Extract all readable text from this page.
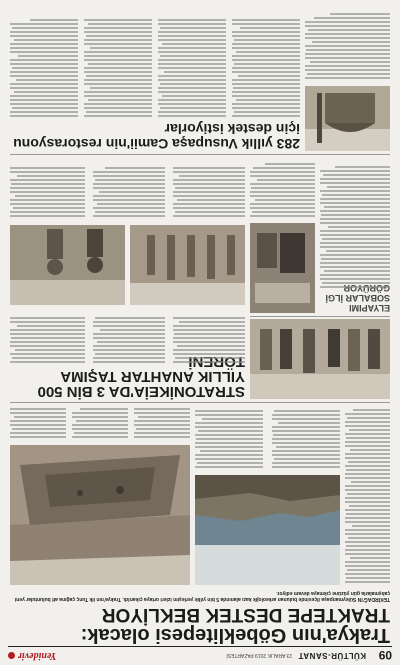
09
KÜLTÜR-SANAT
23 ARALIK 2019 PAZARTESİ
Yenidevir
Trakya'nın Göbeklitepesi olacak:
TRAKTEPE DESTEK BEKLİYOR
TEKİRDAĞ'IN Süleymanpaşa ilçesinde bulunan arkeolojik kazı alanında 5 bin yıllık yerleşim izleri ortaya çıkarıldı. Trakya'nın ilk Tunç çağına ait buluntular yeni çalışmalarla gün yüzüne çıkmaya devam ediyor.
STRATONİKEİA'DA 3 BİN 500 YILLIK ANAHTAR TAŞIMA TÖRENİ
ELYAPIMI SOBALAR İLGİ GÖRÜYOR
283 yıllık Vusupaşa Camii'nin restorasyonu için destek istiyorlar
